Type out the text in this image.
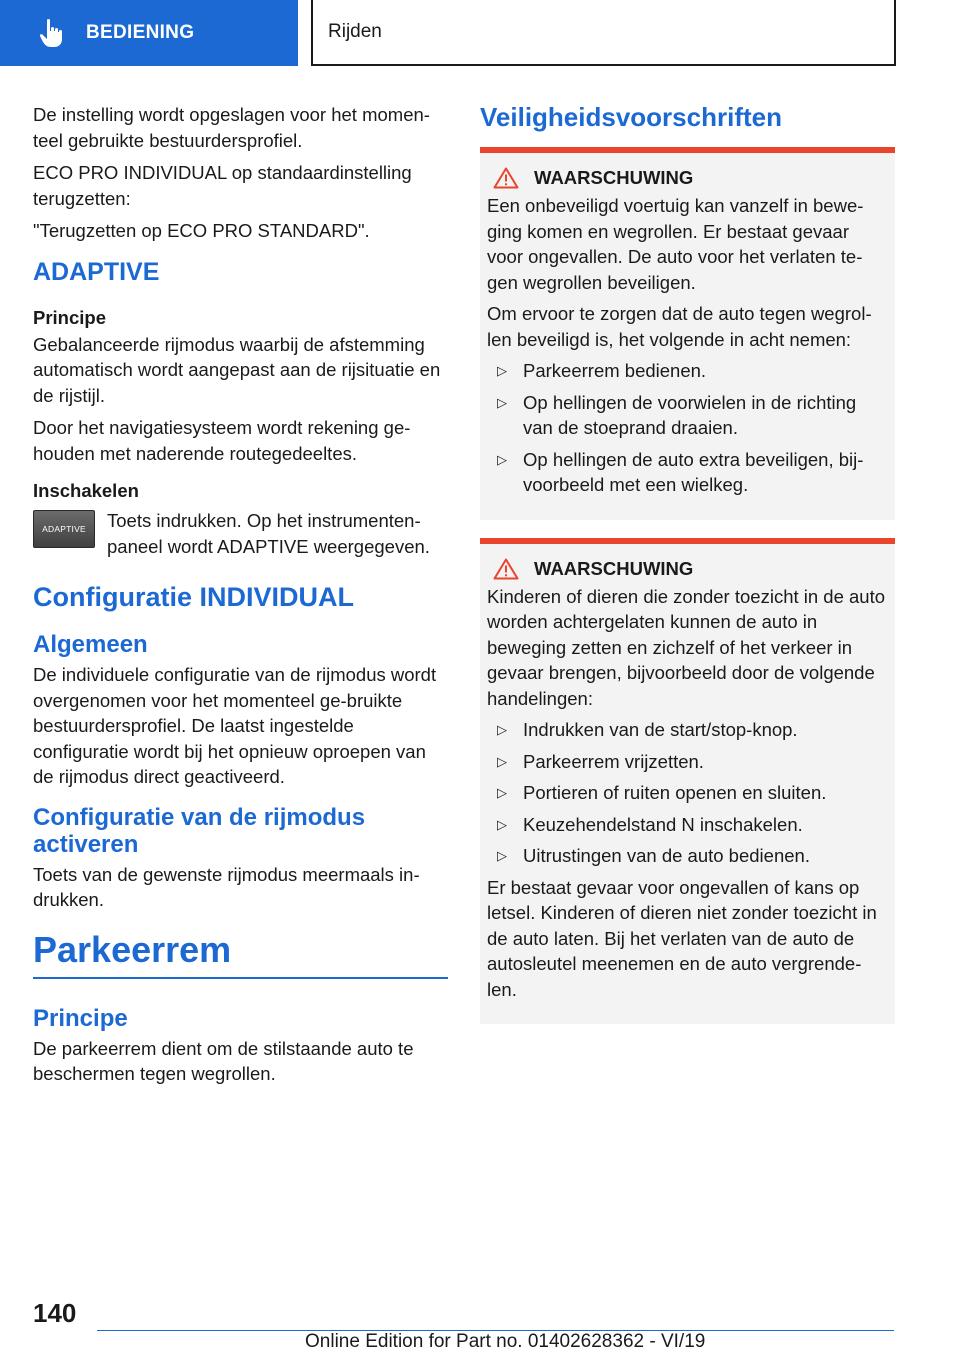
BEDIENING	Rijden

De instelling wordt opgeslagen voor het momen-teel gebruikte bestuurdersprofiel.

ECO PRO INDIVIDUAL op standaardinstelling terugzetten:

"Terugzetten op ECO PRO STANDARD".

ADAPTIVE
Principe

Gebalanceerde rijmodus waarbij de afstemming automatisch wordt aangepast aan de rijsituatie en de rijstijl.

Door het navigatiesysteem wordt rekening ge-houden met naderende routegedeeltes.

Inschakelen
ADAPTIVE	Toets indrukken. Op het instrumenten-paneel wordt ADAPTIVE weergegeven.

Configuratie INDIVIDUAL
Algemeen

De individuele configuratie van de rijmodus wordt overgenomen voor het momenteel ge-bruikte bestuurdersprofiel. De laatst ingestelde configuratie wordt bij het opnieuw oproepen van de rijmodus direct geactiveerd.

Configuratie van de rijmodus activeren

Toets van de gewenste rijmodus meermaals in-drukken.

Parkeerrem
Principe

De parkeerrem dient om de stilstaande auto te beschermen tegen wegrollen.

Veiligheidsvoorschriften
WAARSCHUWING

Een onbeveiligd voertuig kan vanzelf in bewe-ging komen en wegrollen. Er bestaat gevaar voor ongevallen. De auto voor het verlaten te-gen wegrollen beveiligen.

Om ervoor te zorgen dat de auto tegen wegrol-len beveiligd is, het volgende in acht nemen:

▷ Parkeerrem bedienen.
▷ Op hellingen de voorwielen in de richting van de stoeprand draaien.
▷ Op hellingen de auto extra beveiligen, bij-voorbeeld met een wielkeg.
WAARSCHUWING

Kinderen of dieren die zonder toezicht in de auto worden achtergelaten kunnen de auto in beweging zetten en zichzelf of het verkeer in gevaar brengen, bijvoorbeeld door de volgende handelingen:

▷ Indrukken van de start/stop-knop.
▷ Parkeerrem vrijzetten.
▷ Portieren of ruiten openen en sluiten.
▷ Keuzehendelstand N inschakelen.
▷ Uitrustingen van de auto bedienen.

Er bestaat gevaar voor ongevallen of kans op letsel. Kinderen of dieren niet zonder toezicht in de auto laten. Bij het verlaten van de auto de autosleutel meenemen en de auto vergrende-len.

140
Online Edition for Part no. 01402628362 - VI/19
